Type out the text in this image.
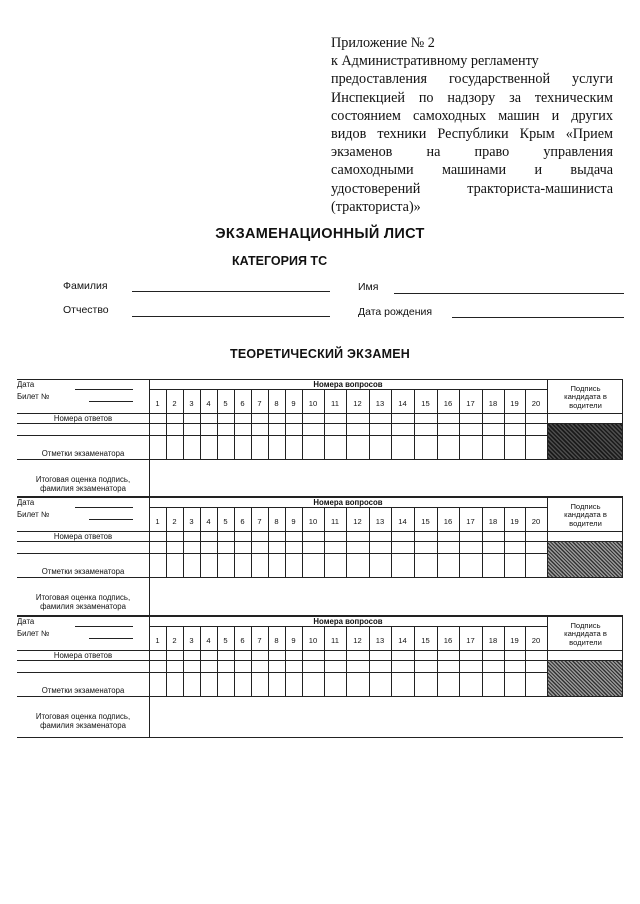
Приложение № 2
к Административному регламенту
предоставления государственной услуги
Инспекцией по надзору за техническим
состоянием самоходных машин и других
видов техники Республики Крым «Прием
экзаменов на право управления
самоходными машинами и выдача
удостоверений тракториста-машиниста
(тракториста)»
ЭКЗАМЕНАЦИОННЫЙ ЛИСТ
КАТЕГОРИЯ ТС
Фамилия	Имя
Отчество	Дата рождения
ТЕОРЕТИЧЕСКИЙ ЭКЗАМЕН
Дата
Билет №
Номера вопросов
1	2	3	4	5	6	7	8	9	10	11	12	13	14	15	16	17	18	19	20
Подпись
кандидата в
водители
Номера ответов
Отметки экзаменатора
Итоговая оценка подпись,
фамилия экзаменатора
Дата
Билет №
Номера вопросов
1	2	3	4	5	6	7	8	9	10	11	12	13	14	15	16	17	18	19	20
Подпись
кандидата в
водители
Номера ответов
Отметки экзаменатора
Итоговая оценка подпись,
фамилия экзаменатора
Дата
Билет №
Номера вопросов
1	2	3	4	5	6	7	8	9	10	11	12	13	14	15	16	17	18	19	20
Подпись
кандидата в
водители
Номера ответов
Отметки экзаменатора
Итоговая оценка подпись,
фамилия экзаменатора
